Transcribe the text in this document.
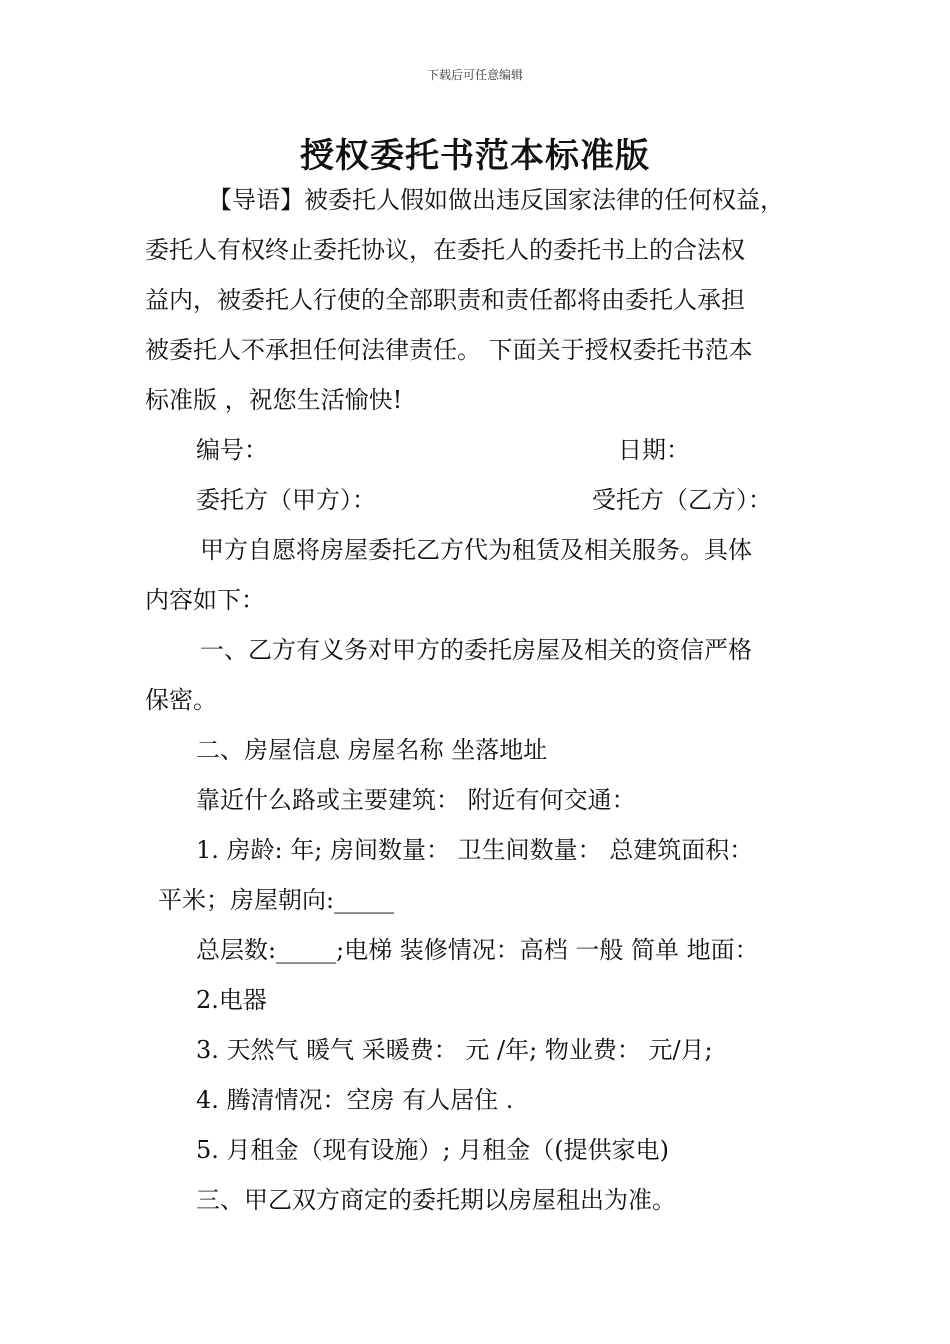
下载后可任意编辑
授权委托书范本标准版
【导语】被委托人假如做出违反国家法律的任何权益，
委托人有权终止委托协议，在委托人的委托书上的合法权
益内，被委托人行使的全部职责和责任都将由委托人承担
被委托人不承担任何法律责任。 下面关于授权委托书范本
标准版 ，祝您生活愉快!
编号：	日期：
委托方（甲方）：	受托方（乙方）：
甲方自愿将房屋委托乙方代为租赁及相关服务。具体
内容如下：
一、乙方有义务对甲方的委托房屋及相关的资信严格
保密。
二、房屋信息 房屋名称 坐落地址
靠近什么路或主要建筑： 附近有何交通：
1. 房龄: 年; 房间数量： 卫生间数量： 总建筑面积：
平米；房屋朝向:_____
总层数:_____;电梯 装修情况：高档 一般 简单 地面：
2.电器
3. 天然气 暖气 采暖费： 元 /年; 物业费： 元/月;
4. 腾清情况：空房 有人居住 .
5. 月租金（现有设施）; 月租金（(提供家电)
三、甲乙双方商定的委托期以房屋租出为准。
